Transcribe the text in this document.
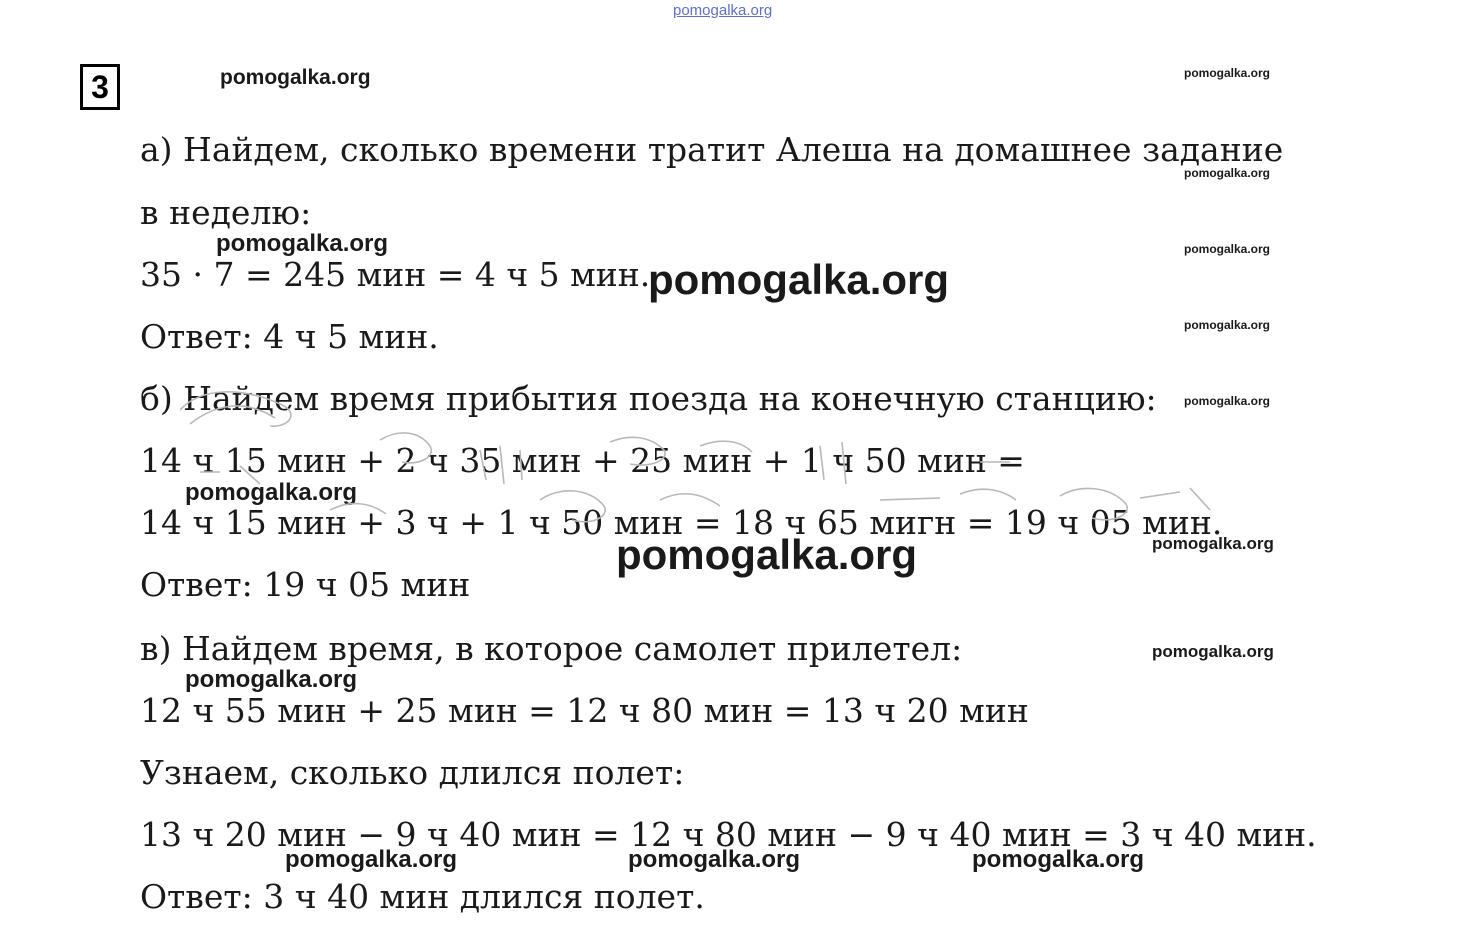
pomogalka.org
3	pomogalka.org	pomogalka.org
pomogalka.org
pomogalka.org	pomogalka.org
pomogalka.org
pomogalka.org
pomogalka.org
pomogalka.org
pomogalka.org
pomogalka.org
pomogalka.org
pomogalka.org
pomogalka.org	pomogalka.org	pomogalka.org
а) Найдем, сколько времени тратит Алеша на домашнее задание
в неделю:
35 · 7 = 245 мин = 4 ч 5 мин.
Ответ: 4 ч 5 мин.
б) Найдем время прибытия поезда на конечную станцию:
14 ч 15 мин + 2 ч 35 мин + 25 мин + 1 ч 50 мин =
14 ч 15 мин + 3 ч + 1 ч 50 мин = 18 ч 65 мигн = 19 ч 05 мин.
Ответ: 19 ч 05 мин
в) Найдем время, в которое самолет прилетел:
12 ч 55 мин + 25 мин = 12 ч 80 мин = 13 ч 20 мин
Узнаем, сколько длился полет:
13 ч 20 мин − 9 ч 40 мин = 12 ч 80 мин − 9 ч 40 мин = 3 ч 40 мин.
Ответ: 3 ч 40 мин длился полет.
